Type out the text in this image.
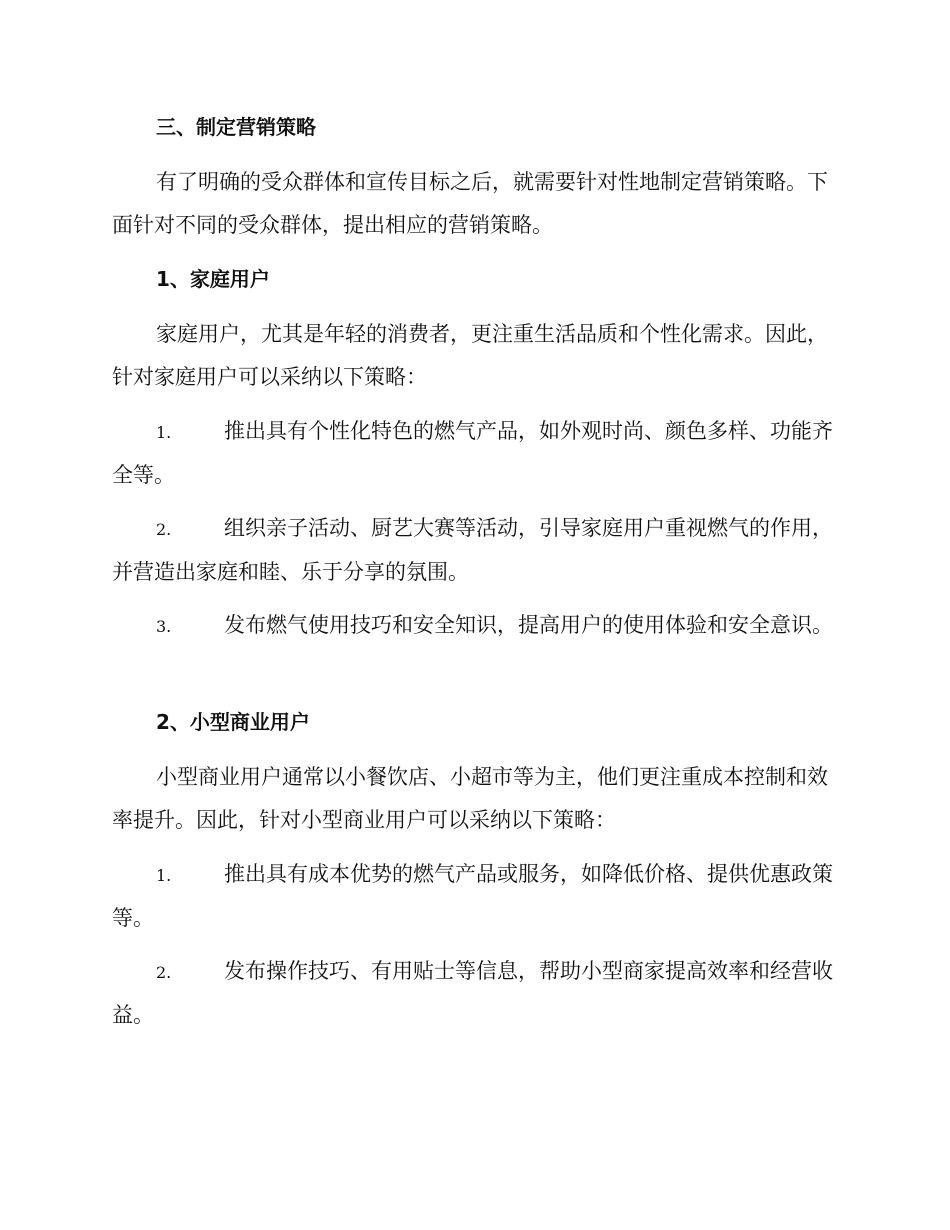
三、制定营销策略

有了明确的受众群体和宣传目标之后，就需要针对性地制定营销策略。下面针对不同的受众群体，提出相应的营销策略。

1、家庭用户

家庭用户，尤其是年轻的消费者，更注重生活品质和个性化需求。因此，针对家庭用户可以采纳以下策略：

1.	推出具有个性化特色的燃气产品，如外观时尚、颜色多样、功能齐全等。

2.	组织亲子活动、厨艺大赛等活动，引导家庭用户重视燃气的作用，并营造出家庭和睦、乐于分享的氛围。

3.	发布燃气使用技巧和安全知识，提高用户的使用体验和安全意识。

2、小型商业用户

小型商业用户通常以小餐饮店、小超市等为主，他们更注重成本控制和效率提升。因此，针对小型商业用户可以采纳以下策略：

1.	推出具有成本优势的燃气产品或服务，如降低价格、提供优惠政策等。

2.	发布操作技巧、有用贴士等信息，帮助小型商家提高效率和经营收益。
